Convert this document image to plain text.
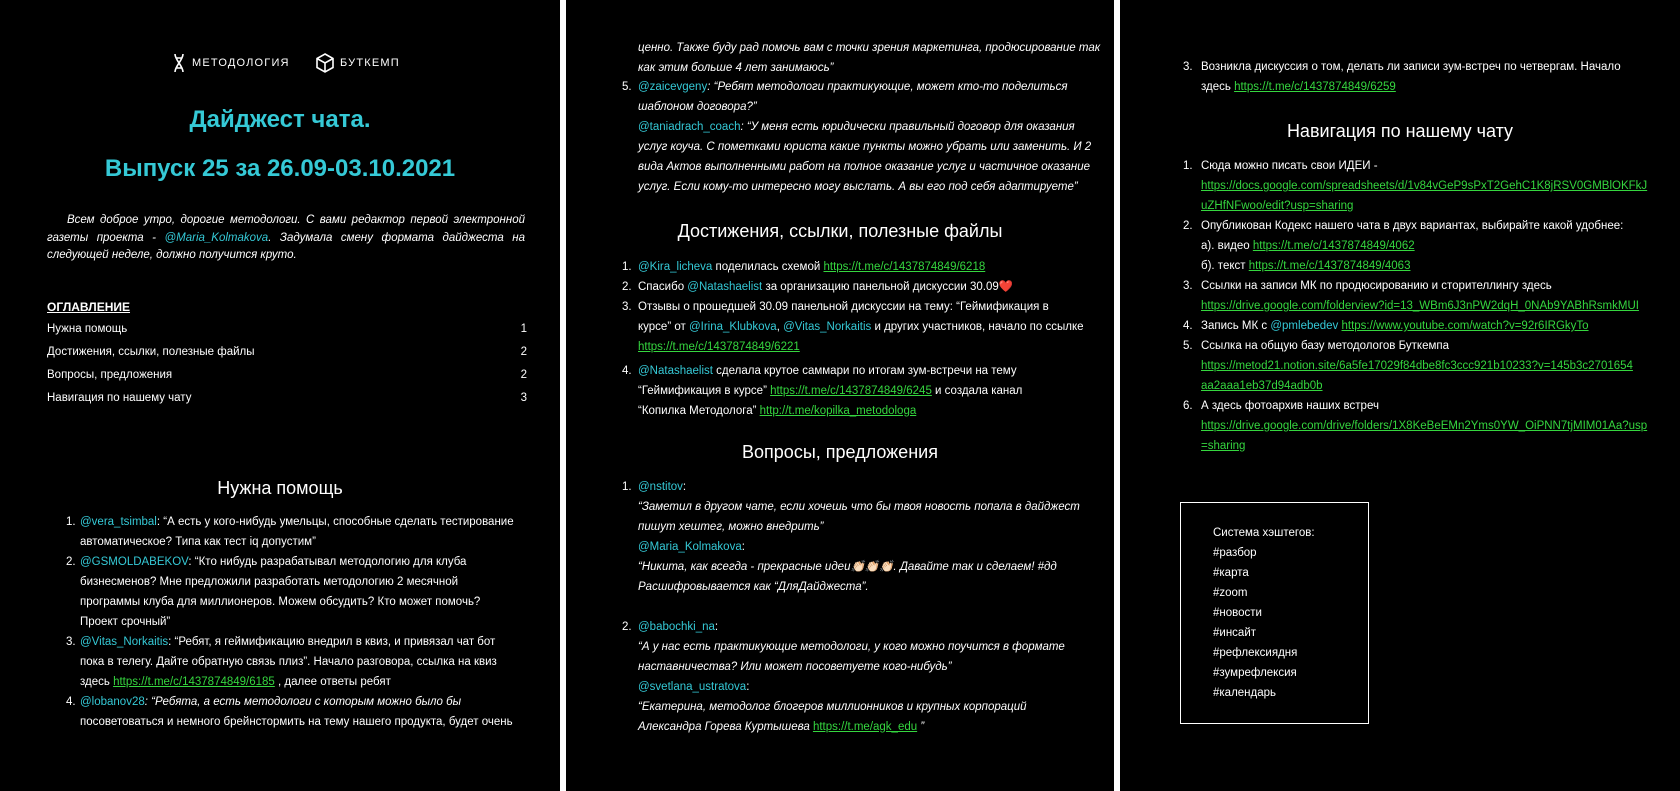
МЕТОДОЛОГИЯ	БУТКЕМП
Дайджест чата.
Выпуск 25 за 26.09-03.10.2021
Всем доброе утро, дорогие методологи. С вами редактор первой электронной газеты проекта - @Maria_Kolmakova. Задумала смену формата дайджеста на следующей неделе, должно получится круто.
ОГЛАВЛЕНИЕ
Нужна помощь	1
Достижения, ссылки, полезные файлы	2
Вопросы, предложения	2
Навигация по нашему чату	3
Нужна помощь
1. @vera_tsimbal: “А есть у кого-нибудь умельцы, способные сделать тестирование
автоматическое? Типа как тест iq допустим”
2. @GSMOLDABEKOV: “Кто нибудь разрабатывал методологию для клуба
бизнесменов? Мне предложили разработать методологию 2 месячной
программы клуба для миллионеров. Можем обсудить? Кто может помочь?
Проект срочный”
3. @Vitas_Norkaitis: “Ребят, я геймификацию внедрил в квиз, и привязал чат бот
пока в телегу. Дайте обратную связь плиз”. Начало разговора, ссылка на квиз
здесь https://t.me/c/1437874849/6185 , далее ответы ребят
4. @lobanov28: “Ребята, а есть методологи с которым можно было бы
посоветоваться и немного брейнстормить на тему нашего продукта, будет очень
ценно. Также буду рад помочь вам с точки зрения маркетинга, продюсирование так
как этим больше 4 лет занимаюсь”
5. @zaicevgeny: “Ребят методологи практикующие, может кто-то поделиться
шаблоном договора?”
@taniadrach_coach: “У меня есть юридически правильный договор для оказания
услуг коуча. С пометками юриста какие пункты можно убрать или заменить. И 2
вида Актов выполненными работ на полное оказание услуг и частичное оказание
услуг. Если кому-то интересно могу выслать. А вы его под себя адаптируете”
Достижения, ссылки, полезные файлы
1. @Kira_licheva поделилась схемой https://t.me/c/1437874849/6218
2. Спасибо @Natashaelist за организацию панельной дискуссии 30.09❤️
3. Отзывы о прошедшей 30.09 панельной дискуссии на тему: “Геймификация в
курсе” от @Irina_Klubkova, @Vitas_Norkaitis и других участников, начало по ссылке
https://t.me/c/1437874849/6221
4. @Natashaelist сделала крутое саммари по итогам зум-встречи на тему
“Геймификация в курсе” https://t.me/c/1437874849/6245 и создала канал
“Копилка Методолога” http://t.me/kopilka_metodologa
Вопросы, предложения
1. @nstitov:
“Заметил в другом чате, если хочешь что бы твоя новость попала в дайджест
пишут хештег, можно внедрить”
@Maria_Kolmakova:
“Никита, как всегда - прекрасные идеи👏🏻👏🏻👏🏻. Давайте так и сделаем! #дд
Расшифровывается как “ДляДайджеста”.
2. @babochki_na:
“А у нас есть практикующие методологи, у кого можно поучится в формате
наставничества? Или может посоветуете кого-нибудь”
@svetlana_ustratova:
“Екатерина, методолог блогеров миллионников и крупных корпораций
Александра Горева Куртышева https://t.me/agk_edu ”
3. Возникла дискуссия о том, делать ли записи зум-встреч по четвергам. Начало
здесь https://t.me/c/1437874849/6259
Навигация по нашему чату
1. Сюда можно писать свои ИДЕИ -
https://docs.google.com/spreadsheets/d/1v84vGeP9sPxT2GehC1K8jRSV0GMBlOKFkJ
uZHfNFwoo/edit?usp=sharing
2. Опубликован Кодекс нашего чата в двух вариантах, выбирайте какой удобнее:
а). видео https://t.me/c/1437874849/4062
б). текст https://t.me/c/1437874849/4063
3. Ссылки на записи МК по продюсированию и сторителлингу здесь
https://drive.google.com/folderview?id=13_WBm6J3nPW2dqH_0NAb9YABhRsmkMUI
4. Запись МК с @pmlebedev https://www.youtube.com/watch?v=92r6IRGkyTo
5. Ссылка на общую базу методологов Буткемпа
https://metod21.notion.site/6a5fe17029f84dbe8fc3ccc921b10233?v=145b3c2701654
aa2aaa1eb37d94adb0b
6. А здесь фотоархив наших встреч
https://drive.google.com/drive/folders/1X8KeBeEMn2Yms0YW_OiPNN7tjMIM01Aa?usp
=sharing
Система хэштегов:
#разбор
#карта
#zoom
#новости
#инсайт
#рефлексиядня
#зумрефлексия
#календарь
